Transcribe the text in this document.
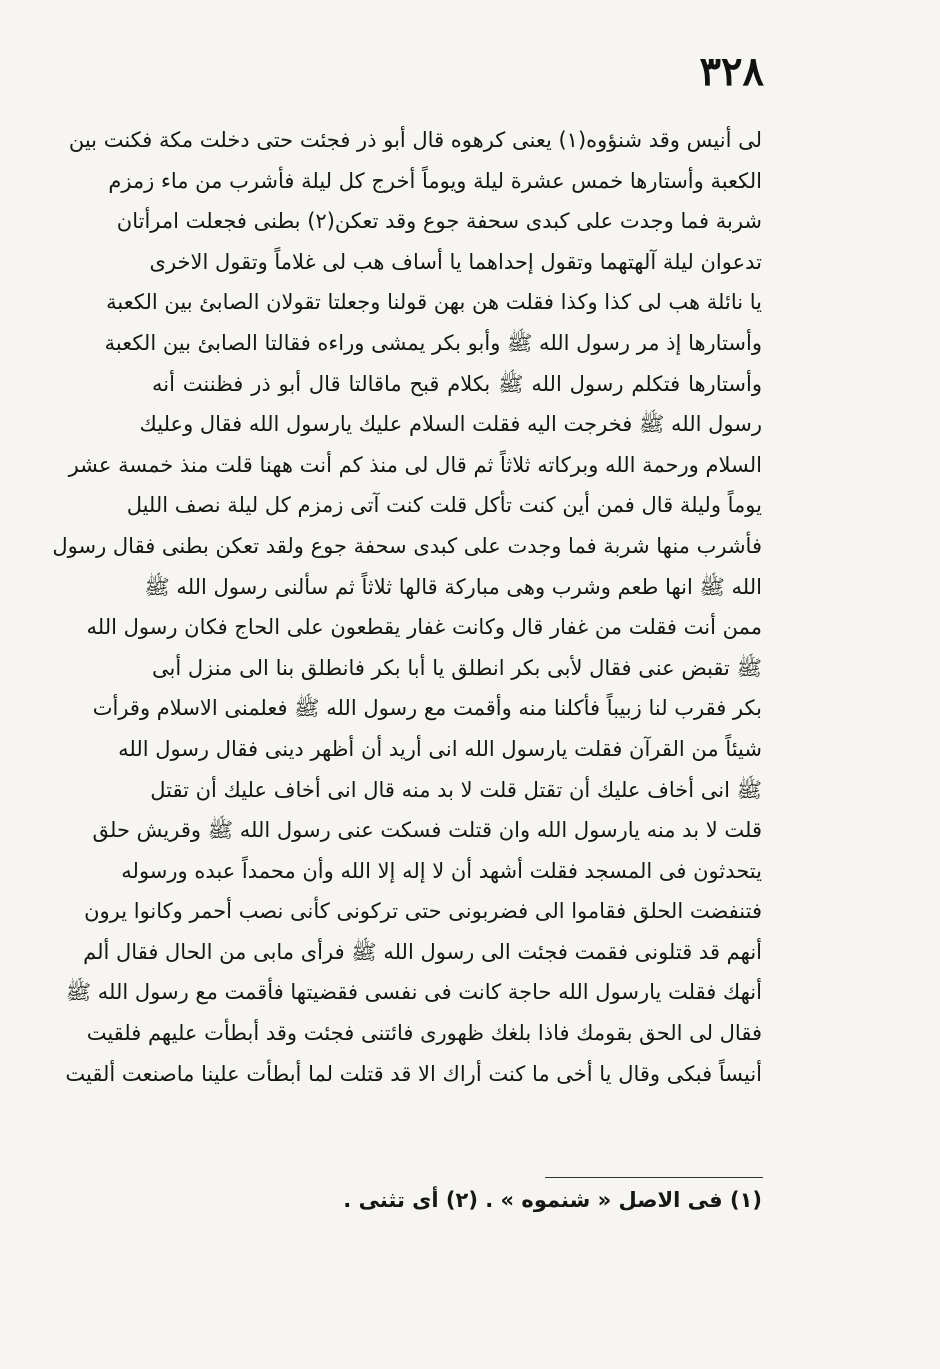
٣٢٨
لى أنيس وقد شنؤوه(١) يعنى كرهوه قال أبو ذر فجئت حتى دخلت مكة فكنت بين
الكعبة وأستارها خمس عشرة ليلة ويوماً أخرج كل ليلة فأشرب من ماء زمزم
شربة فما وجدت على كبدى سحفة جوع وقد تعكن(٢) بطنى فجعلت امرأتان
تدعوان ليلة آلهتهما وتقول إحداهما يا أساف هب لى غلاماً وتقول الاخرى
يا نائلة هب لى كذا وكذا فقلت هن بهن قولنا وجعلتا تقولان الصابئ بين الكعبة
وأستارها إذ مر رسول الله ﷺ وأبو بكر يمشى وراءه فقالتا الصابئ بين الكعبة
وأستارها فتكلم رسول الله ﷺ بكلام قبح ماقالتا قال أبو ذر فظننت أنه
رسول الله ﷺ فخرجت اليه فقلت السلام عليك يارسول الله فقال وعليك
السلام ورحمة الله وبركاته ثلاثاً ثم قال لى منذ كم أنت ههنا قلت منذ خمسة عشر
يوماً وليلة قال فمن أين كنت تأكل قلت كنت آتى زمزم كل ليلة نصف الليل
فأشرب منها شربة فما وجدت على كبدى سحفة جوع ولقد تعكن بطنى فقال رسول
الله ﷺ انها طعم وشرب وهى مباركة قالها ثلاثاً ثم سألنى رسول الله ﷺ
ممن أنت فقلت من غفار قال وكانت غفار يقطعون على الحاج فكان رسول الله
ﷺ تقبض عنى فقال لأبى بكر انطلق يا أبا بكر فانطلق بنا الى منزل أبى
بكر فقرب لنا زبيباً فأكلنا منه وأقمت مع رسول الله ﷺ فعلمنى الاسلام وقرأت
شيئاً من القرآن فقلت يارسول الله انى أريد أن أظهر دينى فقال رسول الله
ﷺ انى أخاف عليك أن تقتل قلت لا بد منه قال انى أخاف عليك أن تقتل
قلت لا بد منه يارسول الله وان قتلت فسكت عنى رسول الله ﷺ وقريش حلق
يتحدثون فى المسجد فقلت أشهد أن لا إله إلا الله وأن محمداً عبده ورسوله
فتنفضت الحلق فقاموا الى فضربونى حتى تركونى كأنى نصب أحمر وكانوا يرون
أنهم قد قتلونى فقمت فجئت الى رسول الله ﷺ فرأى مابى من الحال فقال ألم
أنهك فقلت يارسول الله حاجة كانت فى نفسى فقضيتها فأقمت مع رسول الله ﷺ
فقال لى الحق بقومك فاذا بلغك ظهورى فائتنى فجئت وقد أبطأت عليهم فلقيت
أنيساً فبكى وقال يا أخى ما كنت أراك الا قد قتلت لما أبطأت علينا ماصنعت ألقيت
(١) فى الاصل « شنموه » . (٢) أى تثنى .
